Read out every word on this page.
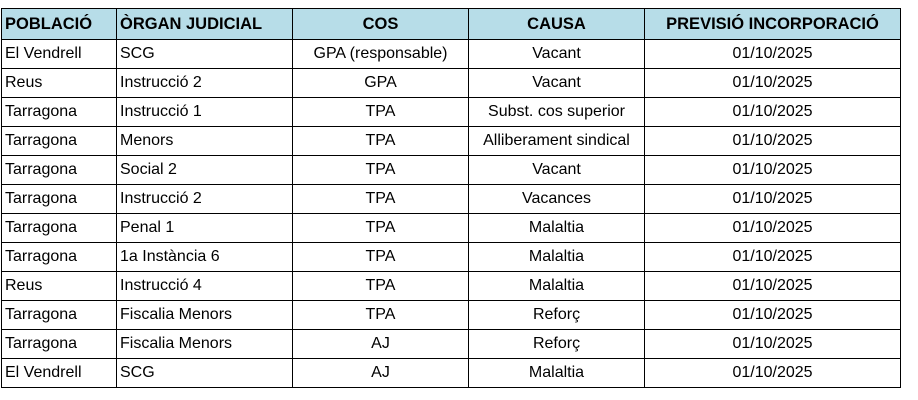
POBLACIÓ	ÒRGAN JUDICIAL	COS	CAUSA	PREVISIÓ INCORPORACIÓ
El Vendrell	SCG	GPA (responsable)	Vacant	01/10/2025
Reus	Instrucció 2	GPA	Vacant	01/10/2025
Tarragona	Instrucció 1	TPA	Subst. cos superior	01/10/2025
Tarragona	Menors	TPA	Alliberament sindical	01/10/2025
Tarragona	Social 2	TPA	Vacant	01/10/2025
Tarragona	Instrucció 2	TPA	Vacances	01/10/2025
Tarragona	Penal 1	TPA	Malaltia	01/10/2025
Tarragona	1a Instància 6	TPA	Malaltia	01/10/2025
Reus	Instrucció 4	TPA	Malaltia	01/10/2025
Tarragona	Fiscalia Menors	TPA	Reforç	01/10/2025
Tarragona	Fiscalia Menors	AJ	Reforç	01/10/2025
El Vendrell	SCG	AJ	Malaltia	01/10/2025
